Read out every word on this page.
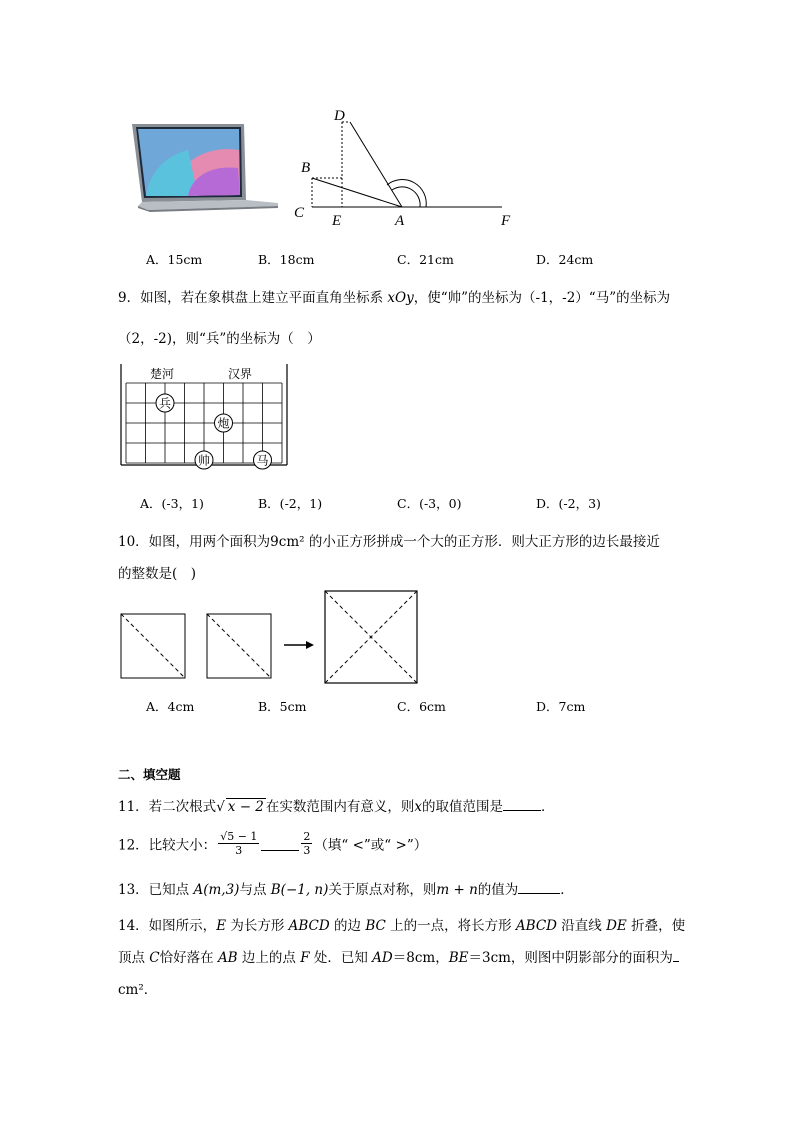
D
B
C E	A	F
A．15cm	B．18cm	C．21cm	D．24cm
9．如图，若在象棋盘上建立平面直角坐标系 xOy，使“帅”的坐标为（-1，-2）“马”的坐标为
（2，-2)，则“兵”的坐标为（　）
楚河	汉界
兵
炮
帅	马
A．(-3，1)	B．(-2，1)	C．(-3，0)	D．(-2，3)
10．如图，用两个面积为9cm² 的小正方形拼成一个大的正方形．则大正方形的边长最接近
的整数是(　)
A．4cm	B．5cm	C．6cm	D．7cm
二、填空题
11．若二次根式√ x − 2 在实数范围内有意义，则x的取值范围是	．
12．比较大小： $\frac{√5 - 1}{3}$	$\frac{2}{3}$ （填“ <”或“ >”）
13．已知点 A(m,3)与点 B(−1, n)关于原点对称，则m + n的值为	．
14．如图所示，E 为长方形 ABCD 的边 BC 上的一点，将长方形 ABCD 沿直线 DE 折叠，使
顶点 C恰好落在 AB 边上的点 F 处．已知 AD＝8cm，BE＝3cm，则图中阴影部分的面积为
cm²．
